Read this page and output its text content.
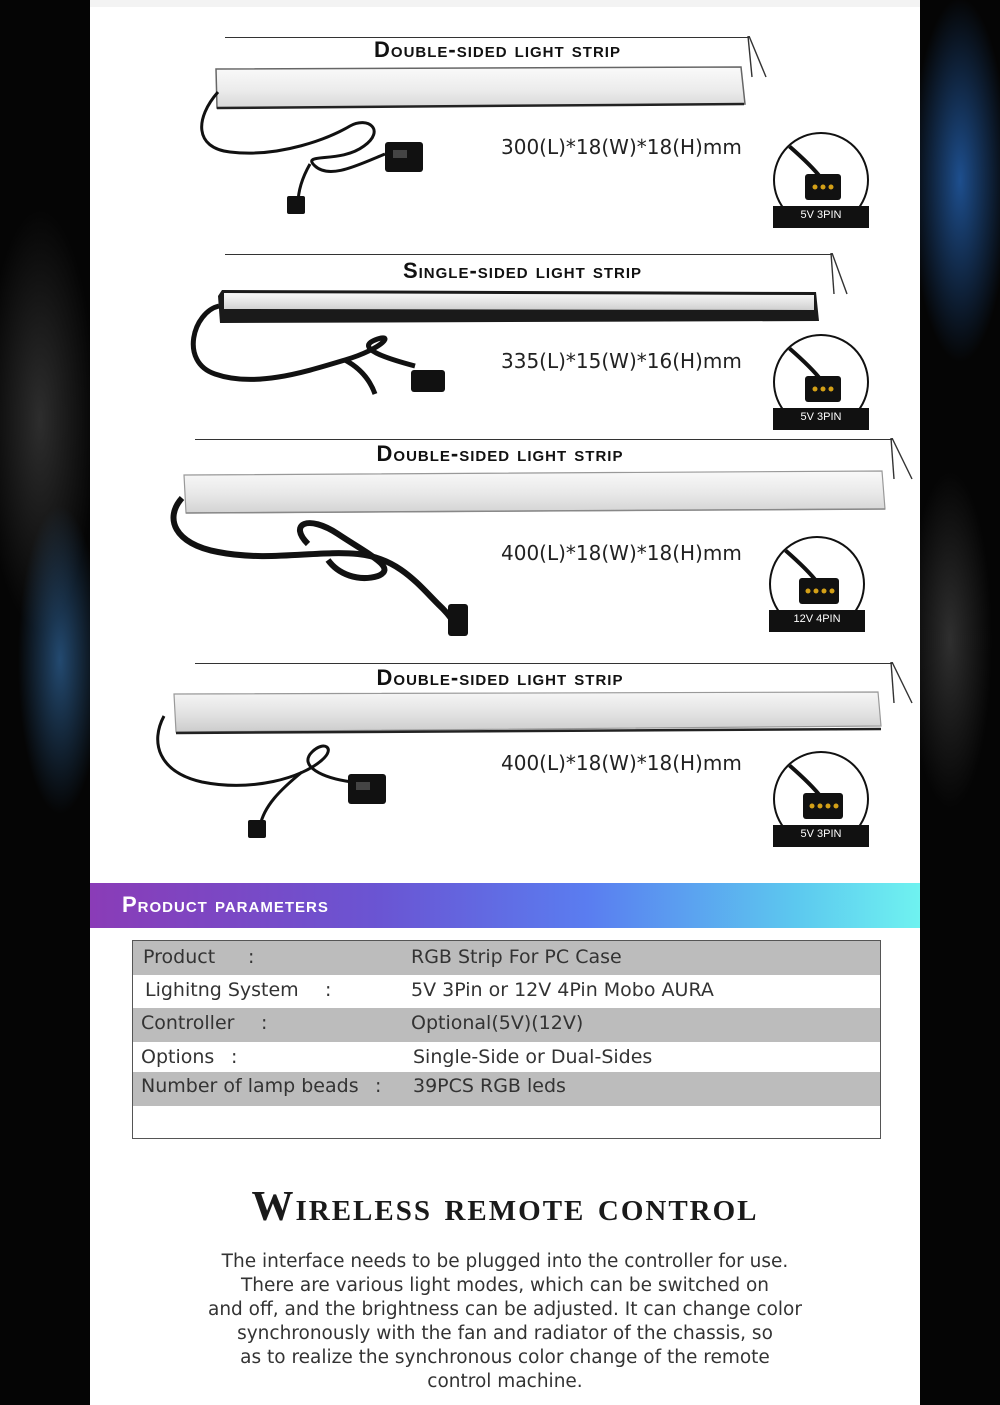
Double-sided light strip
300(L)*18(W)*18(H)mm
5V 3PIN
Single-sided light strip
335(L)*15(W)*16(H)mm
5V 3PIN
Double-sided light strip
400(L)*18(W)*18(H)mm
12V 4PIN
Double-sided light strip
400(L)*18(W)*18(H)mm
5V 3PIN
Product parameters
Product :	RGB Strip For PC Case
Lighitng System :	5V 3Pin or 12V 4Pin Mobo AURA
Controller :	Optional(5V)(12V)
Options :	Single-Side or Dual-Sides
Number of lamp beads : 39PCS RGB leds
Wireless remote control
The interface needs to be plugged into the controller for use.
There are various light modes, which can be switched on
and off, and the brightness can be adjusted. It can change color
synchronously with the fan and radiator of the chassis, so
as to realize the synchronous color change of the remote
control machine.
